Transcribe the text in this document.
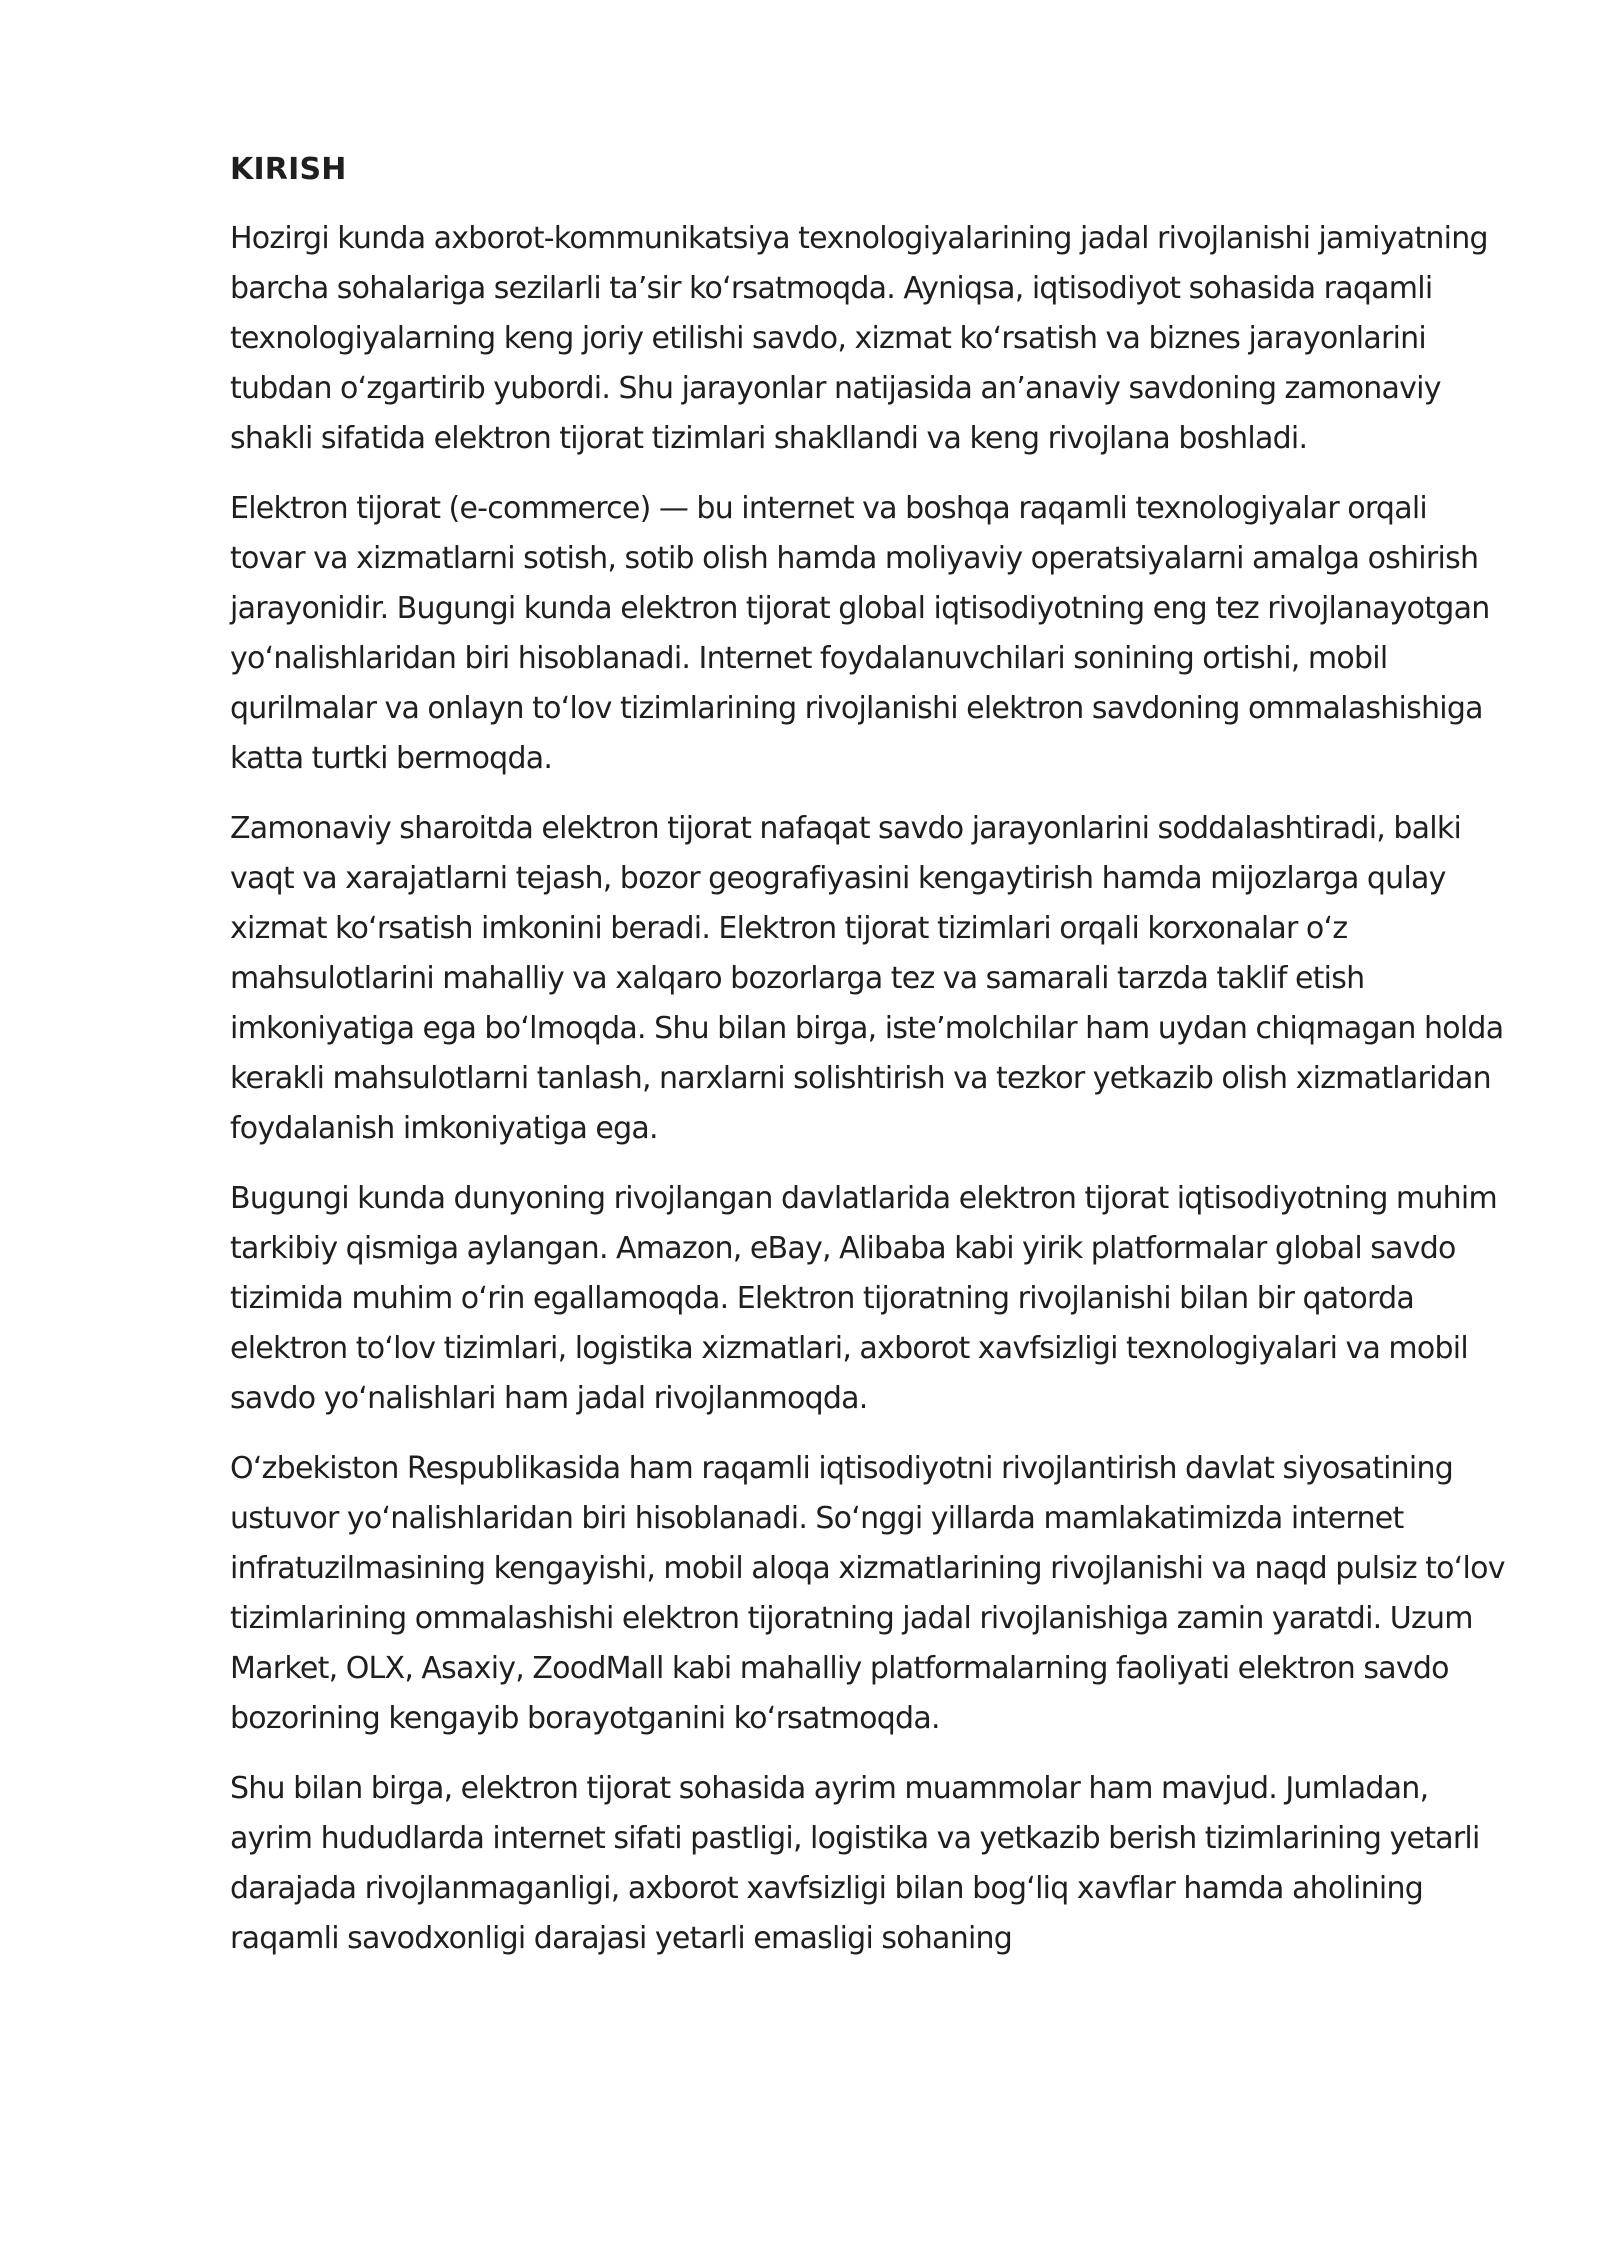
KIRISH

Hozirgi kunda axborot-kommunikatsiya texnologiyalarining jadal rivojlanishi jamiyatning barcha sohalariga sezilarli ta’sir ko‘rsatmoqda. Ayniqsa, iqtisodiyot sohasida raqamli texnologiyalarning keng joriy etilishi savdo, xizmat ko‘rsatish va biznes jarayonlarini tubdan o‘zgartirib yubordi. Shu jarayonlar natijasida an’anaviy savdoning zamonaviy shakli sifatida elektron tijorat tizimlari shakllandi va keng rivojlana boshladi.

Elektron tijorat (e-commerce) — bu internet va boshqa raqamli texnologiyalar orqali tovar va xizmatlarni sotish, sotib olish hamda moliyaviy operatsiyalarni amalga oshirish jarayonidir. Bugungi kunda elektron tijorat global iqtisodiyotning eng tez rivojlanayotgan yo‘nalishlaridan biri hisoblanadi. Internet foydalanuvchilari sonining ortishi, mobil qurilmalar va onlayn to‘lov tizimlarining rivojlanishi elektron savdoning ommalashishiga katta turtki bermoqda.

Zamonaviy sharoitda elektron tijorat nafaqat savdo jarayonlarini soddalashtiradi, balki vaqt va xarajatlarni tejash, bozor geografiyasini kengaytirish hamda mijozlarga qulay xizmat ko‘rsatish imkonini beradi. Elektron tijorat tizimlari orqali korxonalar o‘z mahsulotlarini mahalliy va xalqaro bozorlarga tez va samarali tarzda taklif etish imkoniyatiga ega bo‘lmoqda. Shu bilan birga, iste’molchilar ham uydan chiqmagan holda kerakli mahsulotlarni tanlash, narxlarni solishtirish va tezkor yetkazib olish xizmatlaridan foydalanish imkoniyatiga ega.

Bugungi kunda dunyoning rivojlangan davlatlarida elektron tijorat iqtisodiyotning muhim tarkibiy qismiga aylangan. Amazon, eBay, Alibaba kabi yirik platformalar global savdo tizimida muhim o‘rin egallamoqda. Elektron tijoratning rivojlanishi bilan bir qatorda elektron to‘lov tizimlari, logistika xizmatlari, axborot xavfsizligi texnologiyalari va mobil savdo yo‘nalishlari ham jadal rivojlanmoqda.

O‘zbekiston Respublikasida ham raqamli iqtisodiyotni rivojlantirish davlat siyosatining ustuvor yo‘nalishlaridan biri hisoblanadi. So‘nggi yillarda mamlakatimizda internet infratuzilmasining kengayishi, mobil aloqa xizmatlarining rivojlanishi va naqd pulsiz to‘lov tizimlarining ommalashishi elektron tijoratning jadal rivojlanishiga zamin yaratdi. Uzum Market, OLX, Asaxiy, ZoodMall kabi mahalliy platformalarning faoliyati elektron savdo bozorining kengayib borayotganini ko‘rsatmoqda.

Shu bilan birga, elektron tijorat sohasida ayrim muammolar ham mavjud. Jumladan, ayrim hududlarda internet sifati pastligi, logistika va yetkazib berish tizimlarining yetarli darajada rivojlanmaganligi, axborot xavfsizligi bilan bog‘liq xavflar hamda aholining raqamli savodxonligi darajasi yetarli emasligi sohaning
